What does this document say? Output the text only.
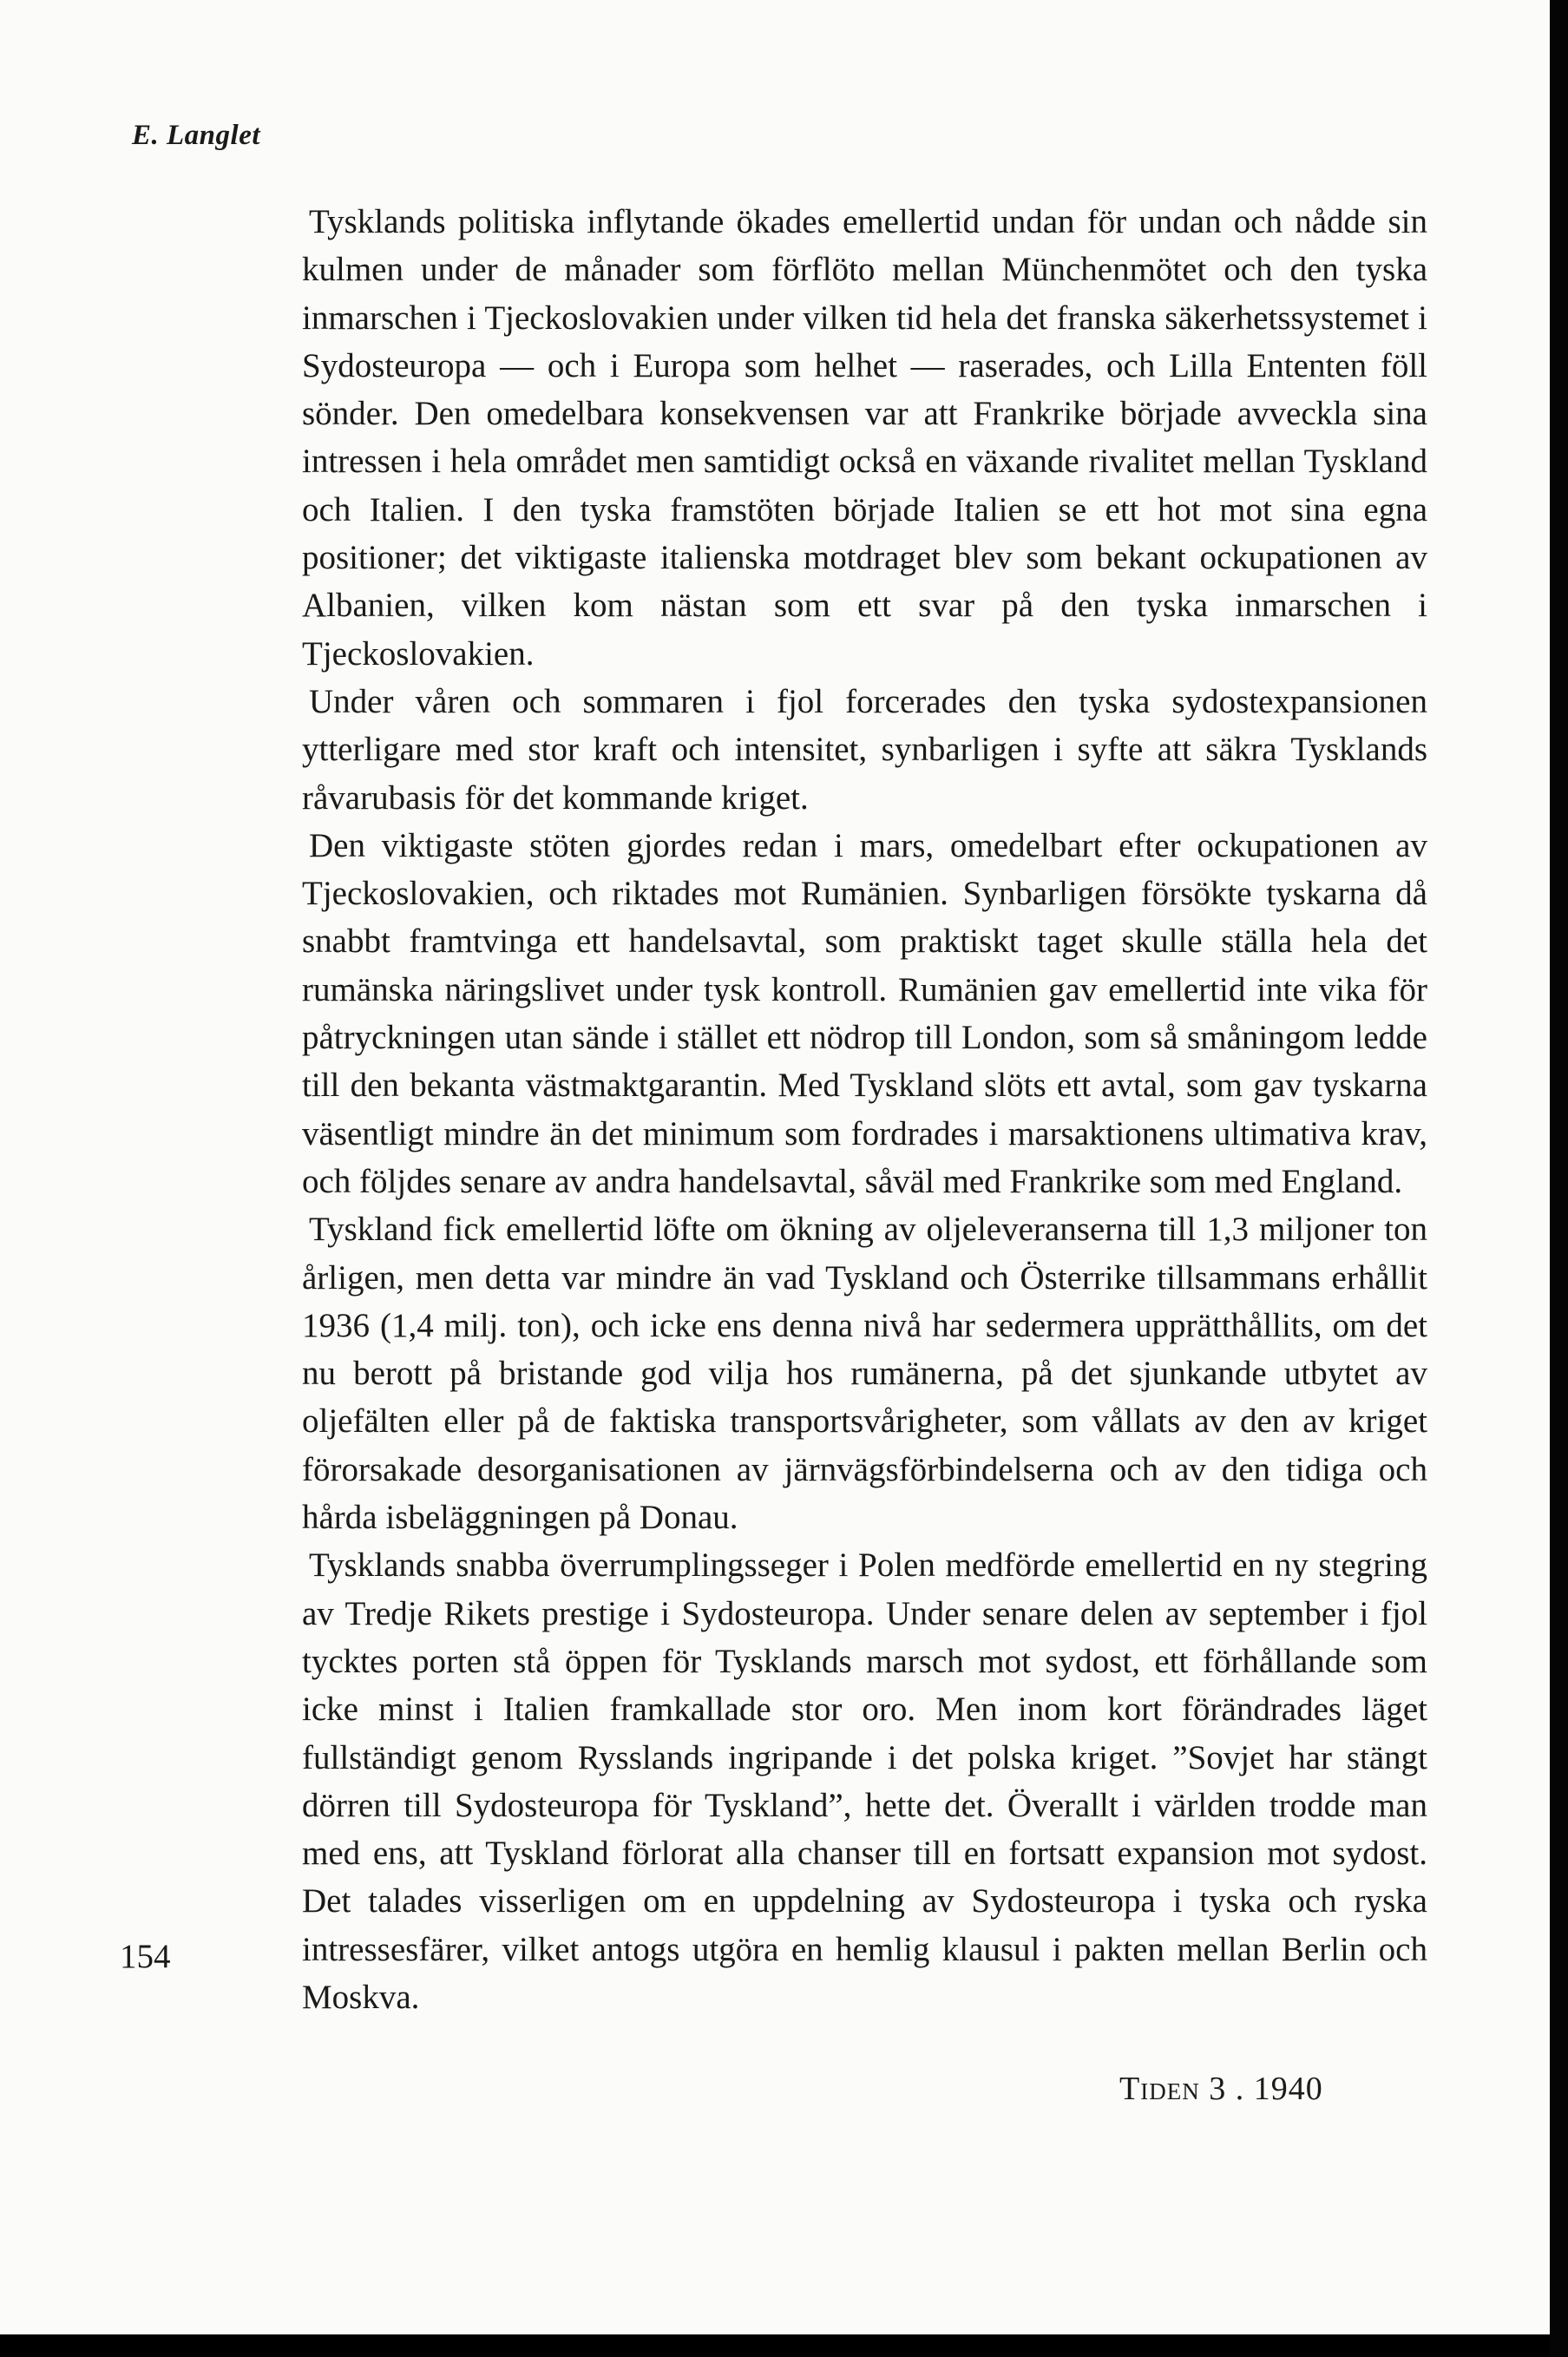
E. Langlet

Tysklands politiska inflytande ökades emellertid undan för undan och nådde sin kulmen under de månader som förflöto mellan Münchenmötet och den tyska inmarschen i Tjeckoslovakien under vilken tid hela det franska säkerhetssystemet i Sydosteuropa — och i Europa som helhet — raserades, och Lilla Ententen föll sönder. Den omedelbara konsekvensen var att Frankrike började avveckla sina intressen i hela området men samtidigt också en växande rivalitet mellan Tyskland och Italien. I den tyska framstöten började Italien se ett hot mot sina egna positioner; det viktigaste italienska motdraget blev som bekant ockupationen av Albanien, vilken kom nästan som ett svar på den tyska inmarschen i Tjeckoslovakien.

Under våren och sommaren i fjol forcerades den tyska sydostexpansionen ytterligare med stor kraft och intensitet, synbarligen i syfte att säkra Tysklands råvarubasis för det kommande kriget.

Den viktigaste stöten gjordes redan i mars, omedelbart efter ockupationen av Tjeckoslovakien, och riktades mot Rumänien. Synbarligen försökte tyskarna då snabbt framtvinga ett handelsavtal, som praktiskt taget skulle ställa hela det rumänska näringslivet under tysk kontroll. Rumänien gav emellertid inte vika för påtryckningen utan sände i stället ett nödrop till London, som så småningom ledde till den bekanta västmaktgarantin. Med Tyskland slöts ett avtal, som gav tyskarna väsentligt mindre än det minimum som fordrades i marsaktionens ultimativa krav, och följdes senare av andra handelsavtal, såväl med Frankrike som med England.

Tyskland fick emellertid löfte om ökning av oljeleveranserna till 1,3 miljoner ton årligen, men detta var mindre än vad Tyskland och Österrike tillsammans erhållit 1936 (1,4 milj. ton), och icke ens denna nivå har sedermera upprätthållits, om det nu berott på bristande god vilja hos rumänerna, på det sjunkande utbytet av oljefälten eller på de faktiska transportsvårigheter, som vållats av den av kriget förorsakade desorganisationen av järnvägsförbindelserna och av den tidiga och hårda isbeläggningen på Donau.

Tysklands snabba överrumplingsseger i Polen medförde emellertid en ny stegring av Tredje Rikets prestige i Sydosteuropa. Under senare delen av september i fjol tycktes porten stå öppen för Tysklands marsch mot sydost, ett förhållande som icke minst i Italien framkallade stor oro. Men inom kort förändrades läget fullständigt genom Rysslands ingripande i det polska kriget. ”Sovjet har stängt dörren till Sydosteuropa för Tyskland”, hette det. Överallt i världen trodde man med ens, att Tyskland förlorat alla chanser till en fortsatt expansion mot sydost. Det talades visserligen om en uppdelning av Sydosteuropa i tyska och ryska intressesfärer, vilket antogs utgöra en hemlig klausul i pakten mellan Berlin och Moskva.

154
Tiden 3 . 1940
